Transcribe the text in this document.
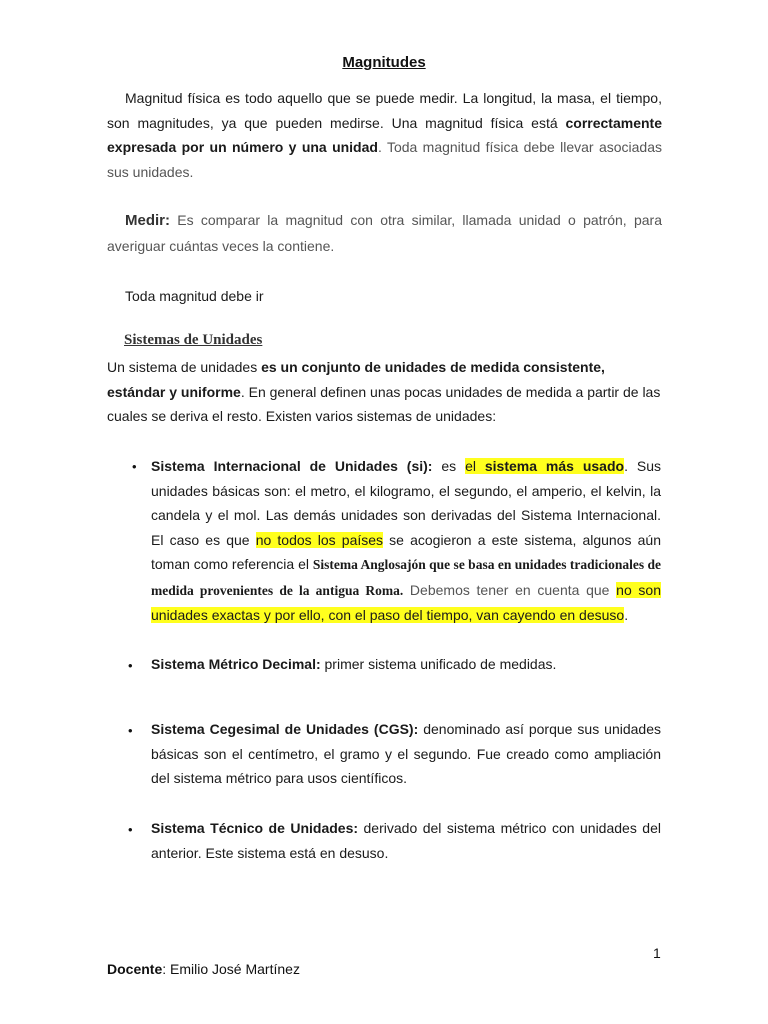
Magnitudes
Magnitud física es todo aquello que se puede medir. La longitud, la masa, el tiempo, son magnitudes, ya que pueden medirse. Una magnitud física está correctamente expresada por un número y una unidad. Toda magnitud física debe llevar asociadas sus unidades.
Medir: Es comparar la magnitud con otra similar, llamada unidad o patrón, para averiguar cuántas veces la contiene.
Toda magnitud debe ir
Sistemas de Unidades
Un sistema de unidades es un conjunto de unidades de medida consistente, estándar y uniforme. En general definen unas pocas unidades de medida a partir de las cuales se deriva el resto. Existen varios sistemas de unidades:
• Sistema Internacional de Unidades (si): es el sistema más usado. Sus unidades básicas son: el metro, el kilogramo, el segundo, el amperio, el kelvin, la candela y el mol. Las demás unidades son derivadas del Sistema Internacional. El caso es que no todos los países se acogieron a este sistema, algunos aún toman como referencia el Sistema Anglosajón que se basa en unidades tradicionales de medida provenientes de la antigua Roma. Debemos tener en cuenta que no son unidades exactas y por ello, con el paso del tiempo, van cayendo en desuso.
• Sistema Métrico Decimal: primer sistema unificado de medidas.
• Sistema Cegesimal de Unidades (CGS): denominado así porque sus unidades básicas son el centímetro, el gramo y el segundo. Fue creado como ampliación del sistema métrico para usos científicos.
• Sistema Técnico de Unidades: derivado del sistema métrico con unidades del anterior. Este sistema está en desuso.
1
Docente: Emilio José Martínez
